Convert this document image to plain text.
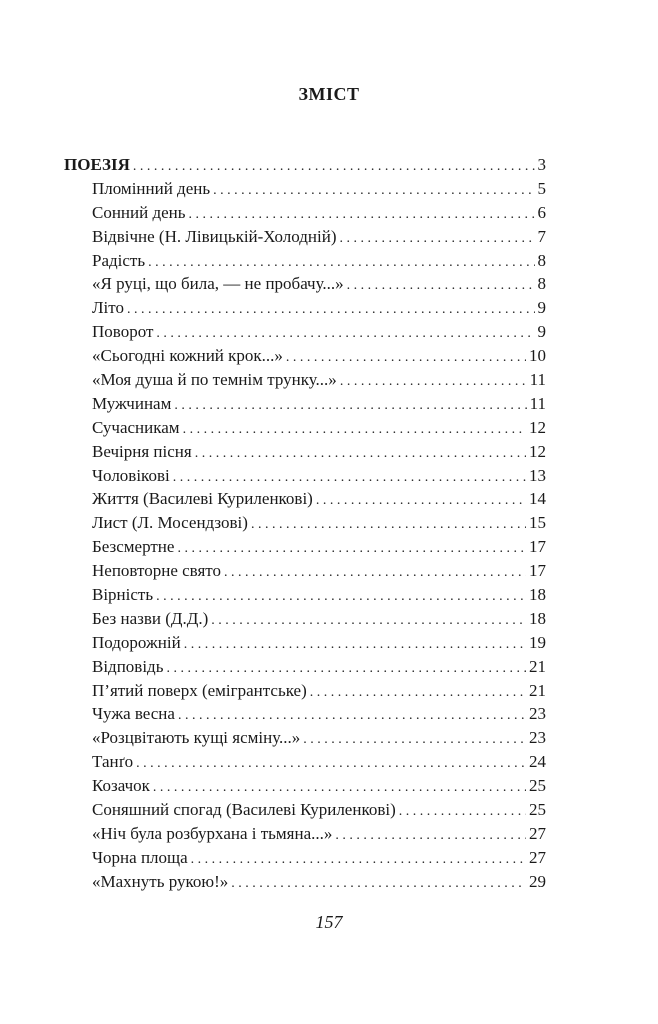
ЗМІСТ
ПОЕЗІЯ . . .	3
Пломінний день . . .	5
Сонний день . . .	6
Відвічне (Н. Лівицькій-Холодній) . . .	7
Радість . . .	8
«Я руці, що била, — не пробачу...» . . .	8
Літо . . .	9
Поворот . . .	9
«Сьогодні кожний крок...» . . .	10
«Моя душа й по темнім трунку...» . . .	11
Мужчинам . . .	11
Сучасникам . . .	12
Вечірня пісня . . .	12
Чоловікові . . .	13
Життя (Василеві Куриленкові) . . .	14
Лист (Л. Мосендзові) . . .	15
Безсмертне . . .	17
Неповторне свято . . .	17
Вірність . . .	18
Без назви (Д.Д.) . . .	18
Подорожній . . .	19
Відповідь . . .	21
П’ятий поверх (емігрантське) . . .	21
Чужа весна . . .	23
«Розцвітають кущі ясміну...» . . .	23
Танґо . . .	24
Козачок . . .	25
Соняшний спогад (Василеві Куриленкові) . . .	25
«Ніч була розбурхана і тьмяна...» . . .	27
Чорна площа . . .	27
«Махнуть рукою!» . . .	29
157
